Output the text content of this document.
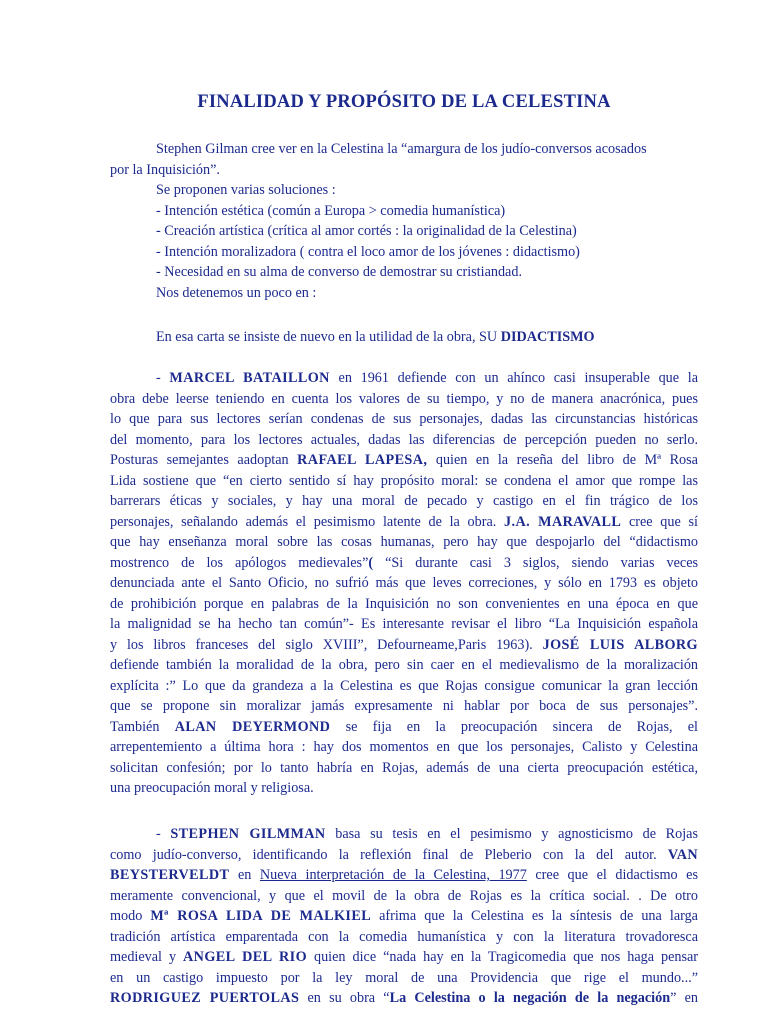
FINALIDAD Y PROPÓSITO DE LA CELESTINA
Stephen Gilman cree ver en la Celestina la “amargura de los judío-conversos acosados
por la Inquisición”.
Se proponen varias soluciones :
- Intención estética (común a Europa > comedia humanística)
- Creación artística (crítica al amor cortés : la originalidad de la Celestina)
- Intención moralizadora ( contra el loco amor de los jóvenes : didactismo)
- Necesidad en su alma de converso de demostrar su cristiandad.
Nos detenemos un poco en :
En esa carta se insiste de nuevo en la utilidad de la obra, SU DIDACTISMO
- MARCEL BATAILLON en 1961 defiende con un ahínco casi insuperable que la
obra debe leerse teniendo en cuenta los valores de su tiempo, y no de manera anacrónica, pues
lo que para sus lectores serían condenas de sus personajes, dadas las circunstancias históricas
del momento, para los lectores actuales, dadas las diferencias de percepción pueden no serlo.
Posturas semejantes aadoptan RAFAEL LAPESA, quien en la reseña del libro de Mª Rosa
Lida sostiene que “en cierto sentido sí hay propósito moral: se condena el amor que rompe las
barrerars éticas y sociales, y hay una moral de pecado y castigo en el fin trágico de los
personajes, señalando además el pesimismo latente de la obra. J.A. MARAVALL cree que sí
que hay enseñanza moral sobre las cosas humanas, pero hay que despojarlo del “didactismo
mostrenco de los apólogos medievales”( “Si durante casi 3 siglos, siendo varias veces
denunciada ante el Santo Oficio, no sufrió más que leves correciones, y sólo en 1793 es objeto
de prohibición porque en palabras de la Inquisición no son convenientes en una época en que
la malignidad se ha hecho tan común”- Es interesante revisar el libro “La Inquisición española
y los libros franceses del siglo XVIII”, Defourneame,Paris 1963). JOSÉ LUIS ALBORG
defiende también la moralidad de la obra, pero sin caer en el medievalismo de la moralización
explícita :” Lo que da grandeza a la Celestina es que Rojas consigue comunicar la gran lección
que se propone sin moralizar jamás expresamente ni hablar por boca de sus personajes”.
También ALAN DEYERMOND se fija en la preocupación sincera de Rojas, el
arrepentemiento a última hora : hay dos momentos en que los personajes, Calisto y Celestina
solicitan confesión; por lo tanto habría en Rojas, además de una cierta preocupación estética,
una preocupación moral y religiosa.
- STEPHEN GILMMAN basa su tesis en el pesimismo y agnosticismo de Rojas
como judío-converso, identificando la reflexión final de Pleberio con la del autor. VAN
BEYSTERVELDT en Nueva interpretación de la Celestina, 1977 cree que el didactismo es
meramente convencional, y que el movil de la obra de Rojas es la crítica social. . De otro
modo Mª ROSA LIDA DE MALKIEL afrima que la Celestina es la síntesis de una larga
tradición artística emparentada con la comedia humanística y con la literatura trovadoresca
medieval y ANGEL DEL RIO quien dice “nada hay en la Tragicomedia que nos haga pensar
en un castigo impuesto por la ley moral de una Providencia que rige el mundo...”
RODRIGUEZ PUERTOLAS en su obra “La Celestina o la negación de la negación” en
